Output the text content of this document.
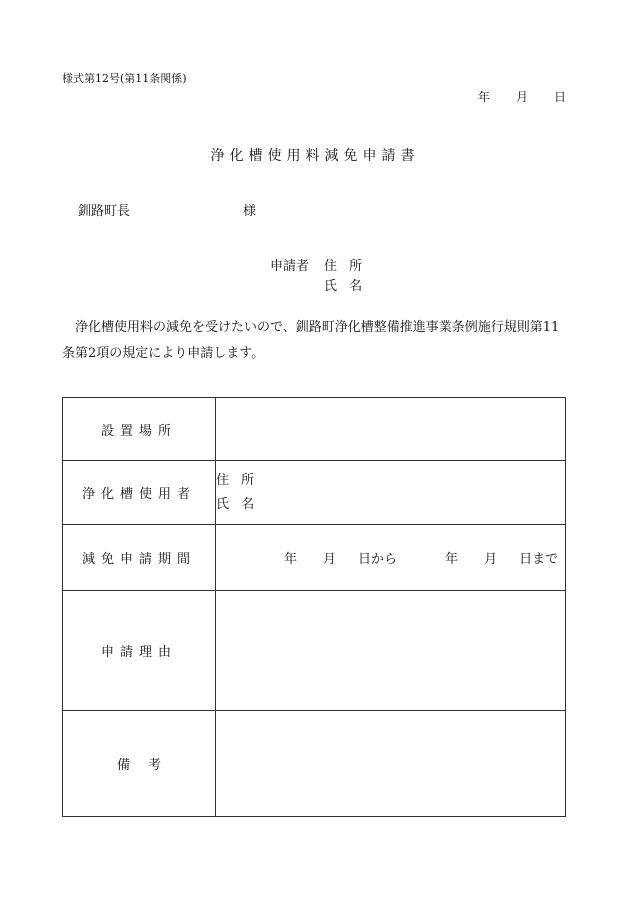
様式第12号(第11条関係)
年 月 日
浄化槽使用料減免申請書
釧路町長	様
申請者 住 所
氏 名
浄化槽使用料の減免を受けたいので、釧路町浄化槽整備推進事業条例施行規則第11条第2項の規定により申請します。
設置場所	
浄化槽使用者	住 所
氏 名

減免申請期間	年 月 日から 年 月 日まで

申請理由	
備考	
